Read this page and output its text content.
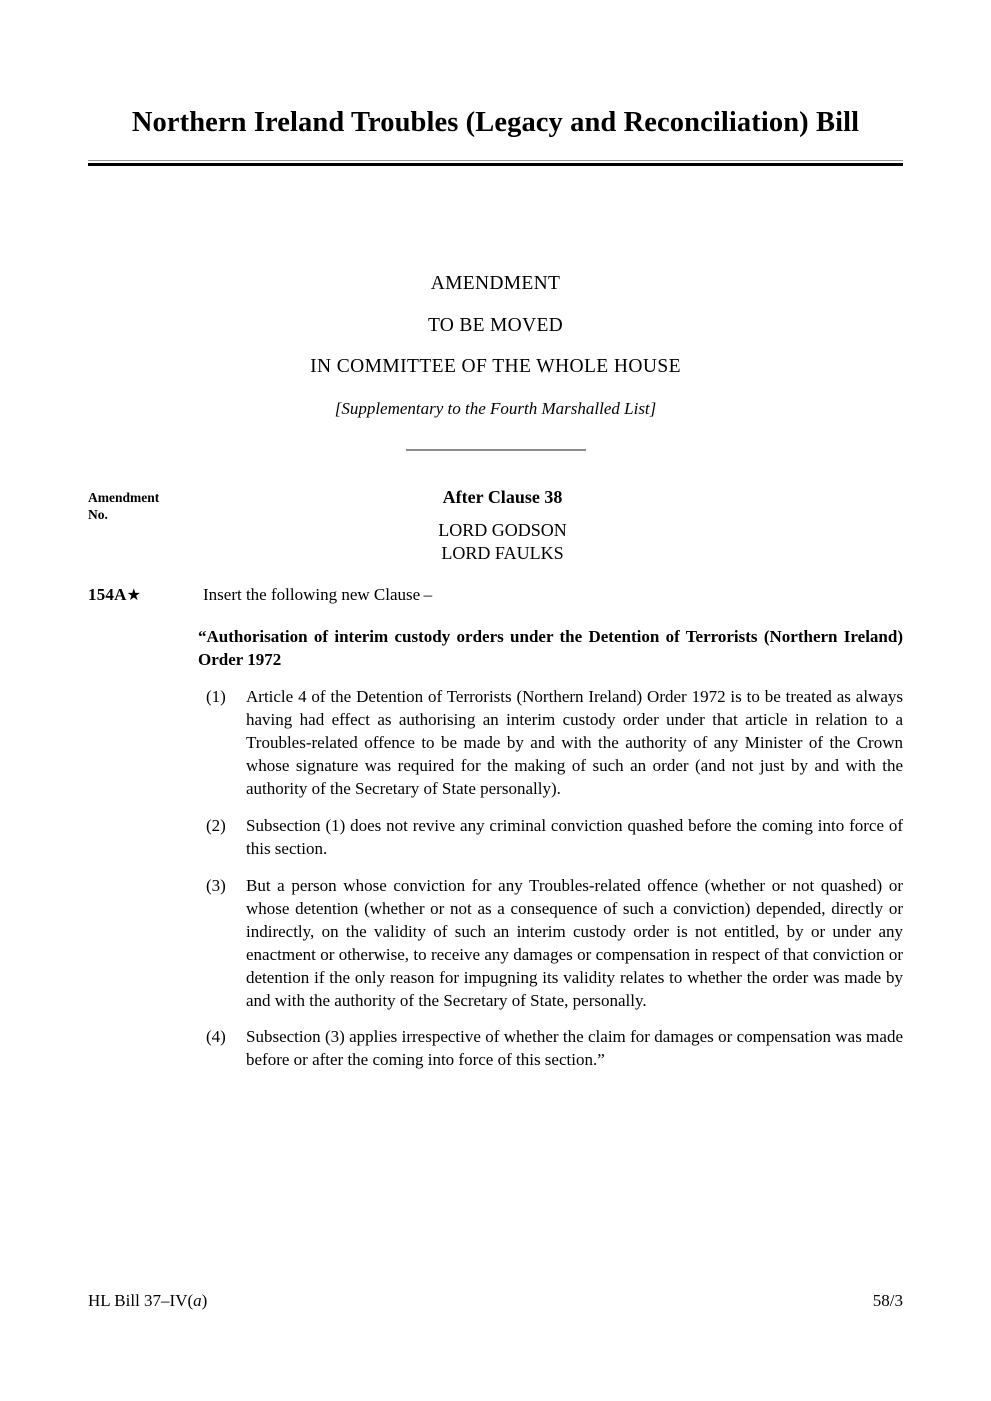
Northern Ireland Troubles (Legacy and Reconciliation) Bill
AMENDMENT
TO BE MOVED
IN COMMITTEE OF THE WHOLE HOUSE
[Supplementary to the Fourth Marshalled List]
Amendment
No.
After Clause 38
LORD GODSON
LORD FAULKS
154A★	Insert the following new Clause –

“Authorisation of interim custody orders under the Detention of Terrorists (Northern Ireland) Order 1972

(1)	Article 4 of the Detention of Terrorists (Northern Ireland) Order 1972 is to be treated as always having had effect as authorising an interim custody order under that article in relation to a Troubles-related offence to be made by and with the authority of any Minister of the Crown whose signature was required for the making of such an order (and not just by and with the authority of the Secretary of State personally).
(2)	Subsection (1) does not revive any criminal conviction quashed before the coming into force of this section.
(3)	But a person whose conviction for any Troubles-related offence (whether or not quashed) or whose detention (whether or not as a consequence of such a conviction) depended, directly or indirectly, on the validity of such an interim custody order is not entitled, by or under any enactment or otherwise, to receive any damages or compensation in respect of that conviction or detention if the only reason for impugning its validity relates to whether the order was made by and with the authority of the Secretary of State, personally.
(4)	Subsection (3) applies irrespective of whether the claim for damages or compensation was made before or after the coming into force of this section.”
HL Bill 37–IV(a)	58/3
